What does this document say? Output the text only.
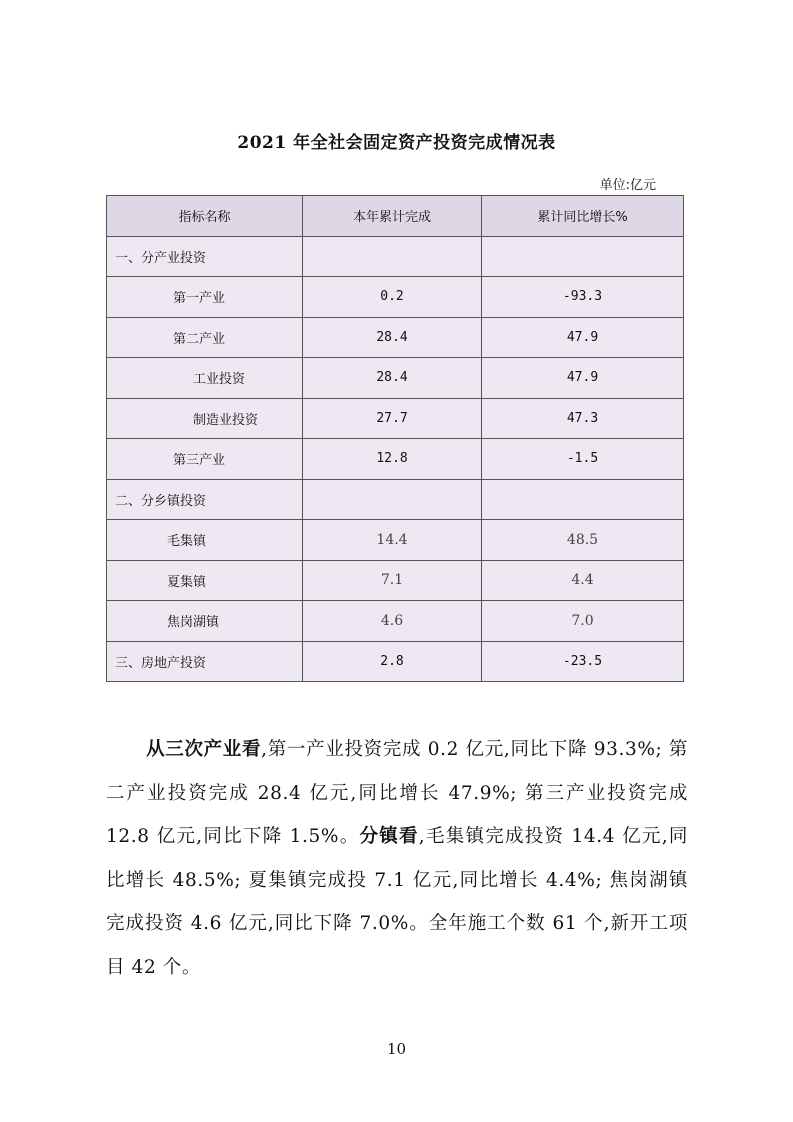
2021 年全社会固定资产投资完成情况表
单位:亿元
指标名称	本年累计完成	累计同比增长%
一、分产业投资		
第一产业	0.2	-93.3
第二产业	28.4	47.9
工业投资	28.4	47.9
制造业投资	27.7	47.3
第三产业	12.8	-1.5
二、分乡镇投资		
毛集镇	14.4	48.5
夏集镇	7.1	4.4
焦岗湖镇	4.6	7.0
三、房地产投资	2.8	-23.5
从三次产业看,第一产业投资完成 0.2 亿元,同比下降 93.3%; 第二产业投资完成 28.4 亿元,同比增长 47.9%; 第三产业投资完成 12.8 亿元,同比下降 1.5%。分镇看,毛集镇完成投资 14.4 亿元,同比增长 48.5%; 夏集镇完成投 7.1 亿元,同比增长 4.4%; 焦岗湖镇完成投资 4.6 亿元,同比下降 7.0%。全年施工个数 61 个,新开工项目 42 个。
10
